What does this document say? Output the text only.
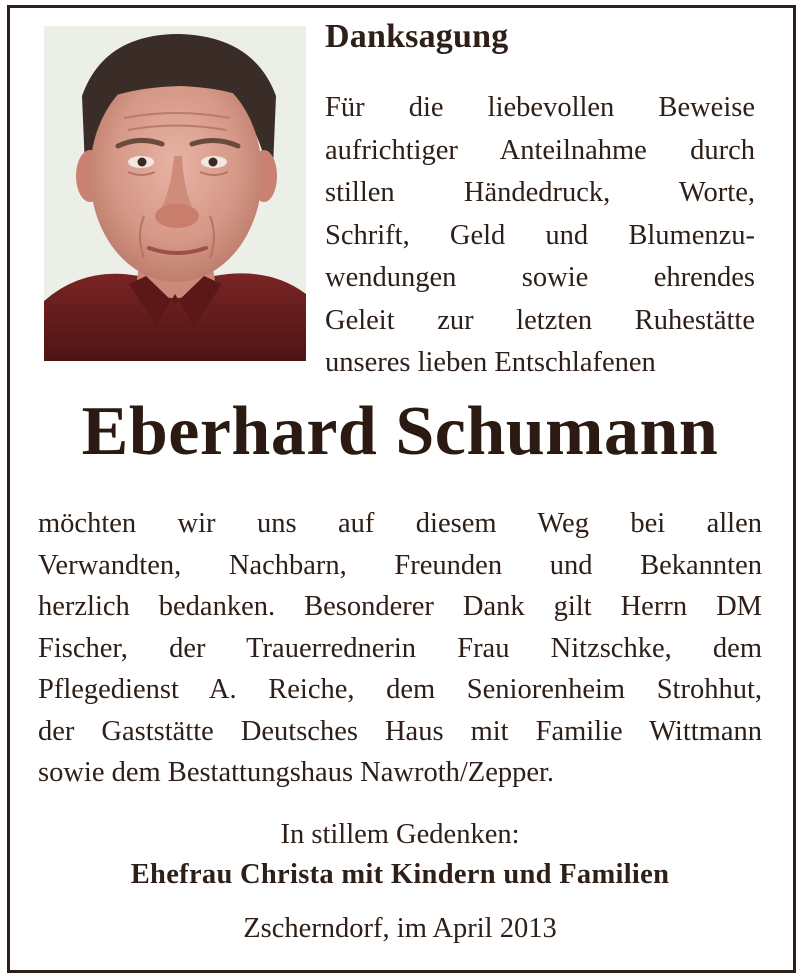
Danksagung
Für die liebevollen Beweise
aufrichtiger Anteilnahme durch
stillen Händedruck, Worte,
Schrift, Geld und Blumenzu-
wendungen sowie ehrendes
Geleit zur letzten Ruhestätte
unseres lieben Entschlafenen
Eberhard Schumann
möchten wir uns auf diesem Weg bei allen
Verwandten, Nachbarn, Freunden und Bekannten
herzlich bedanken. Besonderer Dank gilt Herrn DM
Fischer, der Trauerrednerin Frau Nitzschke, dem
Pflegedienst A. Reiche, dem Seniorenheim Strohhut,
der Gaststätte Deutsches Haus mit Familie Wittmann
sowie dem Bestattungshaus Nawroth/Zepper.
In stillem Gedenken:
Ehefrau Christa mit Kindern und Familien
Zscherndorf, im April 2013
